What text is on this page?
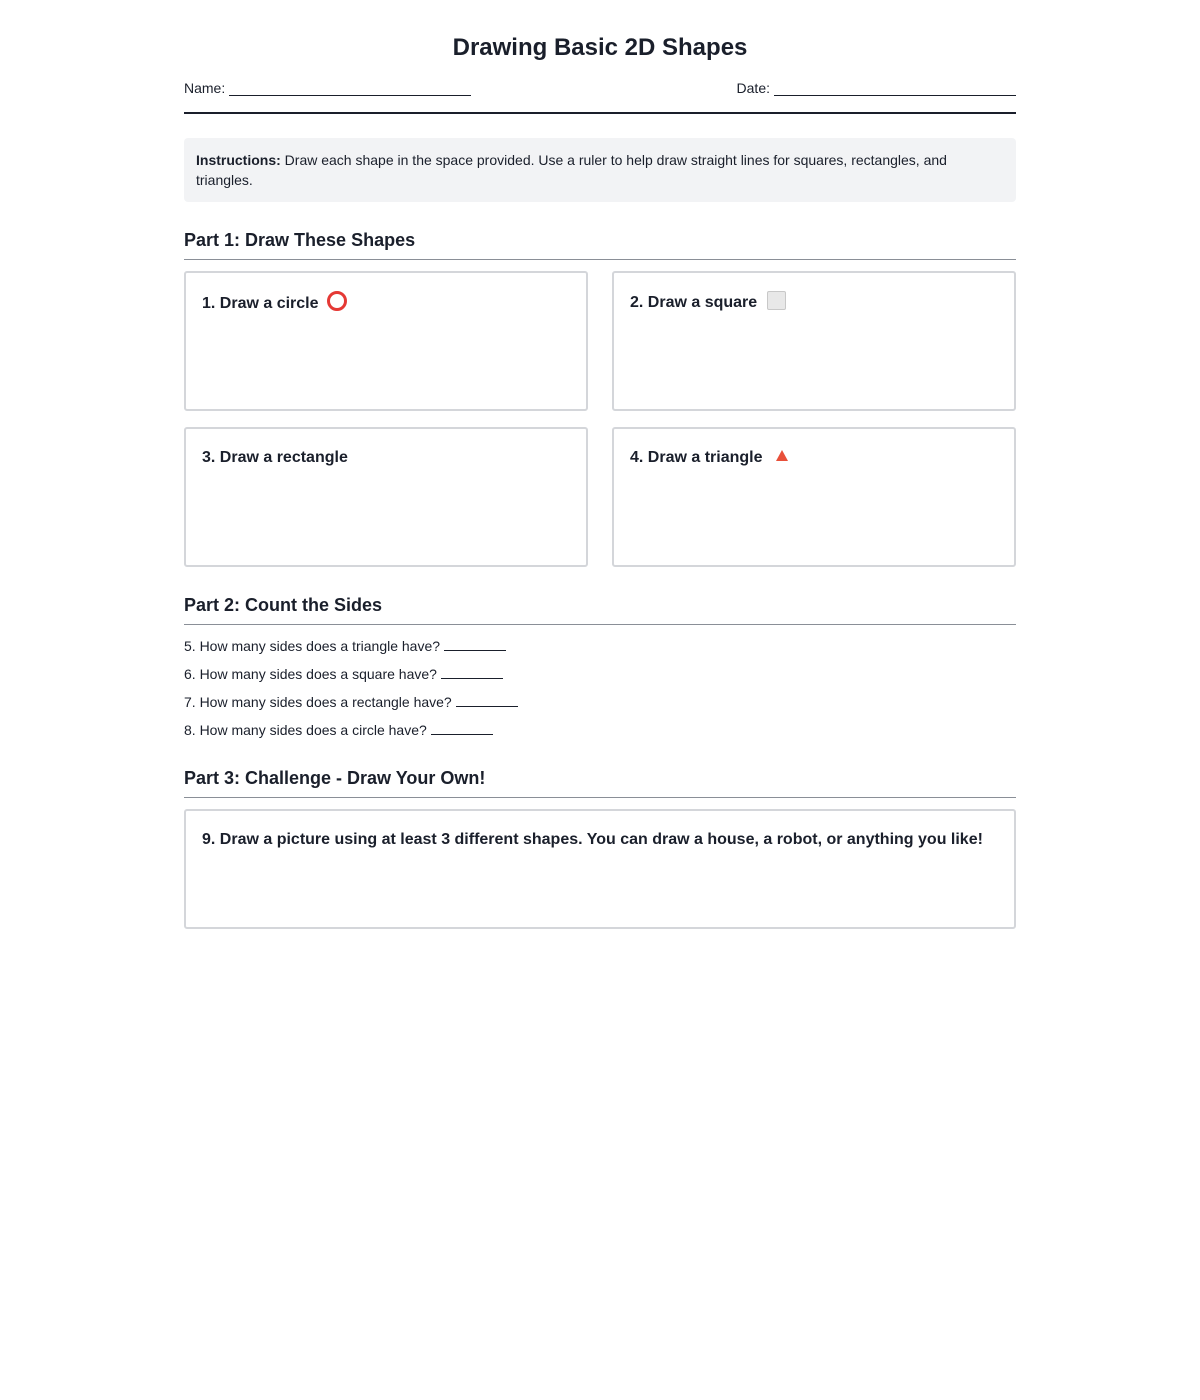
Drawing Basic 2D Shapes
Name:	Date:
Instructions: Draw each shape in the space provided. Use a ruler to help draw straight lines for squares, rectangles, and triangles.
Part 1: Draw These Shapes
1. Draw a circle	2. Draw a square
3. Draw a rectangle	4. Draw a triangle
Part 2: Count the Sides
5. How many sides does a triangle have?
6. How many sides does a square have?
7. How many sides does a rectangle have?
8. How many sides does a circle have?
Part 3: Challenge - Draw Your Own!
9. Draw a picture using at least 3 different shapes. You can draw a house, a robot, or anything you like!
